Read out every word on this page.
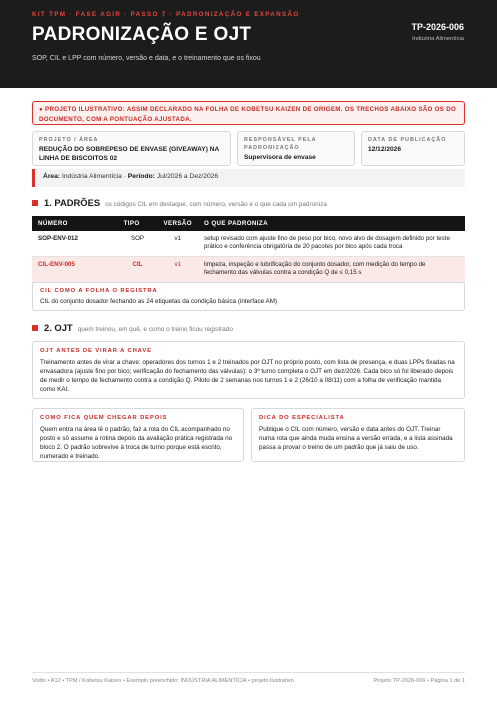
KIT TPM · FASE AGIR · PASSO 7 · PADRONIZAÇÃO E EXPANSÃO
PADRONIZAÇÃO E OJT
SOP, CIL e LPP com número, versão e data, e o treinamento que os fixou
TP-2026-006
Indústria Alimentícia
● PROJETO ILUSTRATIVO: ASSIM DECLARADO NA FOLHA DE KOBETSU KAIZEN DE ORIGEM. OS TRECHOS ABAIXO SÃO OS DO DOCUMENTO, COM A PONTUAÇÃO AJUSTADA.
PROJETO / ÁREA
REDUÇÃO DO SOBREPESO DE ENVASE (GIVEAWAY) NA LINHA DE BISCOITOS 02
RESPONSÁVEL PELA PADRONIZAÇÃO
Supervisora de envase
DATA DE PUBLICAÇÃO
12/12/2026
Área: Indústria Alimentícia · Período: Jul/2026 a Dez/2026
1. PADRÕES os códigos CIL em destaque, com número, versão e o que cada um padroniza
NÚMERO	TIPO	VERSÃO	O QUE PADRONIZA
SOP-ENV-012	SOP	v1	setup revisado com ajuste fino de peso por bico, novo alvo de dosagem definido por teste prático e conferência obrigatória de 20 pacotes por bico após cada troca
CIL-ENV-005	CIL	v1	limpeza, inspeção e lubrificação do conjunto dosador, com medição do tempo de fechamento das válvulas contra a condição Q de ≤ 0,15 s
CIL COMO A FOLHA O REGISTRA
CIL do conjunto dosador fechando as 24 etiquetas da condição básica (interface AM)
2. OJT quem treinou, em quê, e como o treino ficou registrado
OJT ANTES DE VIRAR A CHAVE
Treinamento antes de virar a chave: operadores dos turnos 1 e 2 treinados por OJT no próprio posto, com lista de presença, e duas LPPs fixadas na envasadora (ajuste fino por bico; verificação do fechamento das válvulas); o 3º turno completa o OJT em dez/2026. Cada bico só foi liberado depois de medir o tempo de fechamento contra a condição Q. Piloto de 2 semanas nos turnos 1 e 2 (26/10 a 08/11) com a folha de verificação mantida como KAI.
COMO FICA QUEM CHEGAR DEPOIS
Quem entra na área lê o padrão, faz a rota do CIL acompanhado no posto e só assume a rotina depois da avaliação prática registrada no bloco 2. O padrão sobrevive à troca de turno porque está escrito, numerado e treinado.
DICA DO ESPECIALISTA
Publique o CIL com número, versão e data antes do OJT. Treinar numa rota que ainda muda ensina a versão errada, e a lista assinada passa a provar o treino de um padrão que já saiu de uso.
Voitto • A12 • TPM / Kobetsu Kaizen • Exemplo preenchido: INDÚSTRIA ALIMENTÍCIA • projeto ilustrativo	Projeto TP-2026-006 • Página 1 de 1
